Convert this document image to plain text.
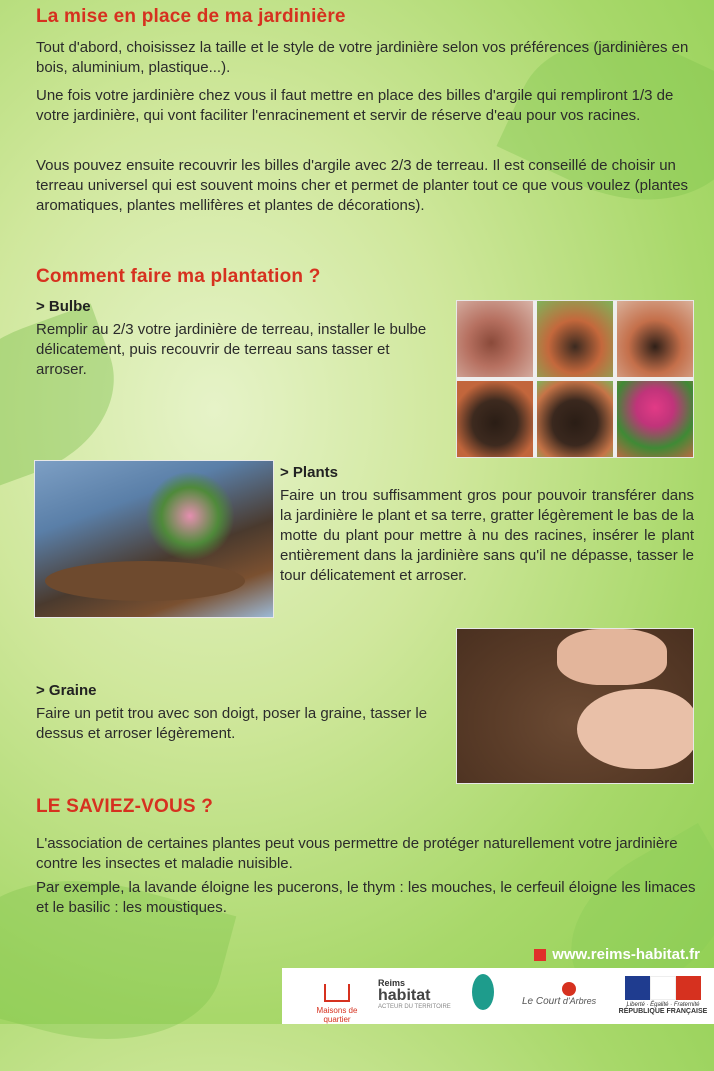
La mise en place de ma jardinière

Tout d'abord, choisissez la taille et le style de votre jardinière selon vos préférences (jardinières en bois, aluminium, plastique...).

Une fois votre jardinière chez vous il faut mettre en place des billes d'argile qui rempliront 1/3 de votre jardinière, qui vont faciliter l'enracinement et servir de réserve d'eau pour vos racines.

Vous pouvez ensuite recouvrir les billes d'argile avec 2/3 de terreau. Il est conseillé de choisir un terreau universel qui est souvent moins cher et permet de planter tout ce que vous voulez (plantes aromatiques, plantes mellifères et plantes de décorations).

Comment faire ma plantation ?

> Bulbe

Remplir au 2/3 votre jardinière de terreau, installer le bulbe délicatement, puis recouvrir de terreau sans tasser et arroser.

> Plants

Faire un trou suffisamment gros pour pouvoir transférer dans la jardinière le plant et sa terre, gratter légèrement le bas de la motte du plant pour mettre à nu des racines, insérer le plant entièrement dans la jardinière sans qu'il ne dépasse, tasser le tour délicatement et arroser.

> Graine

Faire un petit trou avec son doigt, poser la graine, tasser le dessus et arroser légèrement.

LE SAVIEZ-VOUS ?

L'association de certaines plantes peut vous permettre de protéger naturellement votre jardinière contre les insectes et maladie nuisible.

Par exemple, la lavande éloigne les pucerons, le thym : les mouches, le cerfeuil éloigne les limaces et le basilic : les moustiques.

www.reims-habitat.fr
Maisons de quartier
Reims
habitat
ACTEUR DU TERRITOIRE	Le Court d'Arbres	Liberté · Égalité · Fraternité
RÉPUBLIQUE FRANÇAISE
